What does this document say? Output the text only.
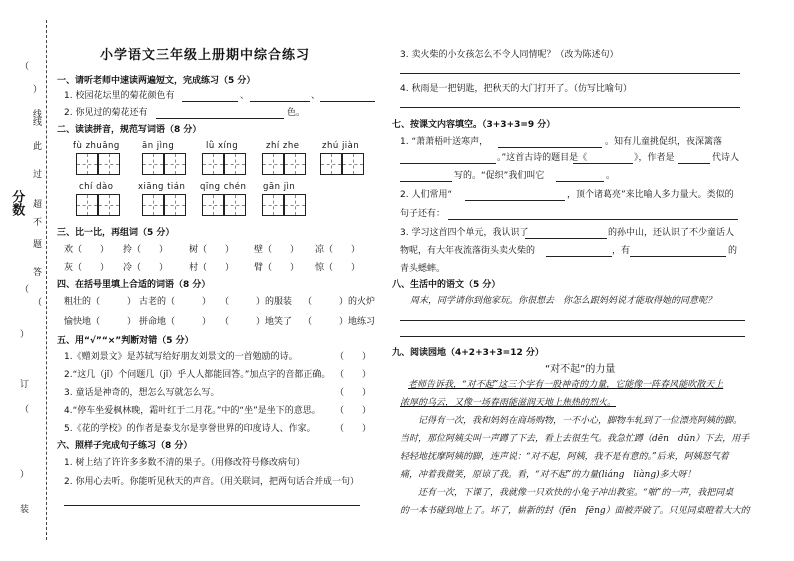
分数
线
此
过
超
不
题
答
（
（
）
线
（
）
订
（
）
装
小学语文三年级上册期中综合练习
一、请听老师中速读两遍短文，完成练习（5 分）
1. 校园花坛里的菊花颜色有	、	、
2. 你见过的菊花还有	色。
二、读读拼音，规范写词语（8 分）
fù zhuāng	ān jìng	lǜ xíng	zhí zhe	zhú jiàn
chí dào	xiāng tián qīng chén gān jìn
三、比一比，再组词（5 分）
欢（　　） 拎（　　） 树（　　） 壁（　　） 凉（　　）
灰（　　） 冷（　　） 村（　　） 臂（　　） 惊（　　）
四、在括号里填上合适的词语（8 分）
粗壮的（　　　） 古老的（　　　） （　　　）的服装 （　　　）的火炉
愉快地（　　　） 拼命地（　　　） （　　　）地笑了 （　　　）地练习
五、用“√”“×”判断对错（5 分）
1.《赠刘景文》是苏轼写给好朋友刘景文的一首勉励的诗。	（　　）
2.“这几（jǐ）个问题几（jǐ）乎人人都能回答。”加点字的音都正确。 （　　）
3. 童话是神奇的，想怎么写就怎么写。	（　　）
4.“停车坐爱枫林晚，霜叶红于二月花。”中的“坐”是坐下的意思。 （　　）
5.《花的学校》的作者是泰戈尔是享誉世界的印度诗人、作家。 （　　）
六、照样子完成句子练习（8 分）
1. 树上结了许许多多数不清的果子。（用修改符号修改病句）
2. 你用心去听。你能听见秋天的声音。（用关联词，把两句话合并成一句）
3. 卖火柴的小女孩怎么不令人同情呢？（改为陈述句）
4. 秋雨是一把钥匙，把秋天的大门打开了。（仿写比喻句）
七、按课文内容填空。（3+3+3=9 分）
1. “萧萧梧叶送寒声，	。知有儿童挑促织，夜深篱落
。”这首古诗的题目是《	》，作者是	代诗人
写的。“促织”我们叫它	。
2. 人们常用“	，顶个诸葛亮”来比喻人多力量大。类似的
句子还有：
3. 学习这首四个单元，我认识了	的孙中山，还认识了不少童话人
物呢，有大年夜流落街头卖火柴的	，有	的
青头蟋蟀。
八、生活中的语文（5 分）
周末，同学请你到他家玩。你很想去　你怎么跟妈妈说才能取得她的同意呢？
九、阅读园地（4+2+3+3=12 分）
“对不起”的力量
老师告诉我，“对不起”这三个字有一股神奇的力量，它能像一阵春风能吹散天上
浓厚的乌云，又像一场春雨能滋润天地上焦热的烈火。
记得有一次，我和妈妈在商场购物，一不小心，脚物车轧到了一位漂亮阿姨的脚。
当时，那位阿姨尖叫一声蹲了下去，看上去很生气。我急忙蹲（dēn　dūn）下去，用手
轻轻地抚摩阿姨的脚，连声说：“对不起，阿姨，我不是有意的。”后来，阿姨怒气着
痛，冲着我微笑，原谅了我。看，“对不起”的力量(liáng　liàng)多大呀！
还有一次，下课了，我就像一只欢快的小兔子冲出教室。“啪”的一声，我把同桌
的一本书碰到地上了。坏了，崭新的封（fēn　fēng）面被弄破了。只见同桌瞪着大大的
